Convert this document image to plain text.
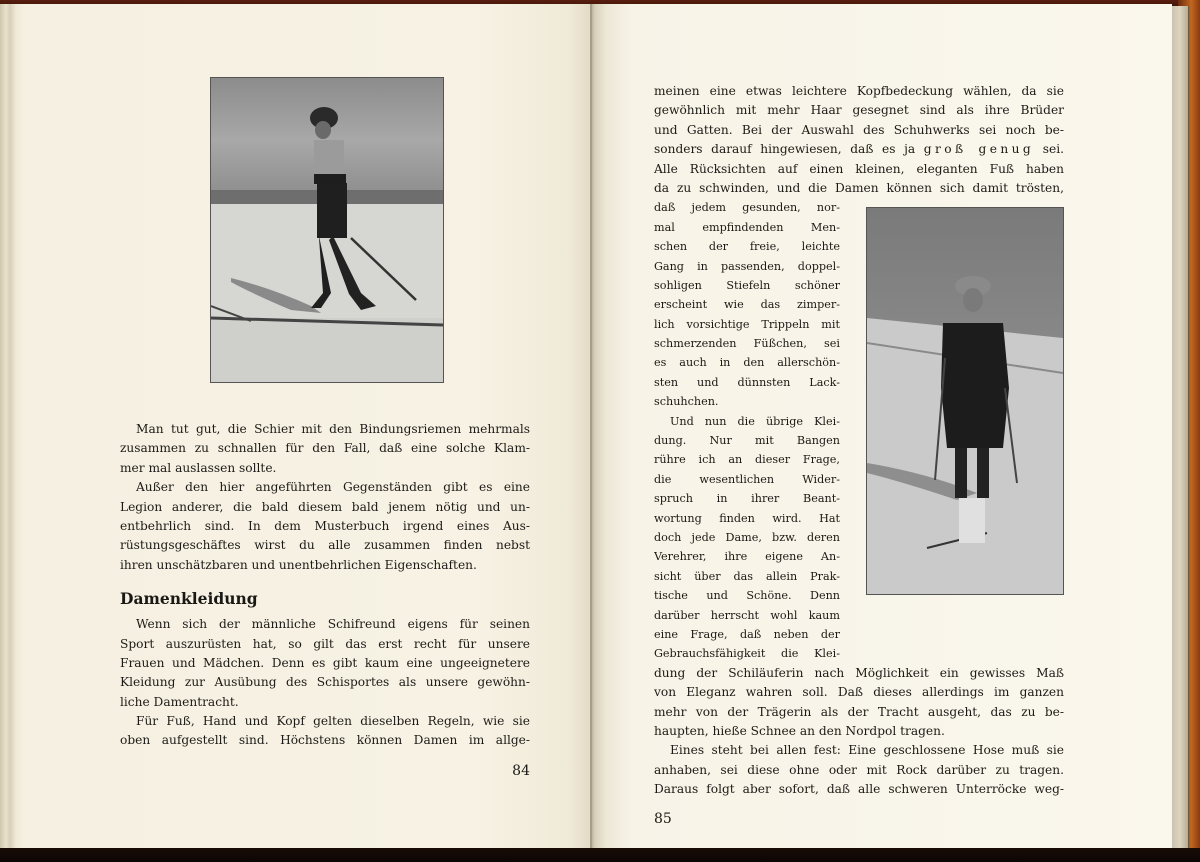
Man tut gut, die Schier mit den Bindungsriemen mehrmals
zusammen zu schnallen für den Fall, daß eine solche Klam-
mer mal auslassen sollte.
Außer den hier angeführten Gegenständen gibt es eine
Legion anderer, die bald diesem bald jenem nötig und un-
entbehrlich sind. In dem Musterbuch irgend eines Aus-
rüstungsgeschäftes wirst du alle zusammen finden nebst
ihren unschätzbaren und unentbehrlichen Eigenschaften.
Damenkleidung
Wenn sich der männliche Schifreund eigens für seinen
Sport auszurüsten hat, so gilt das erst recht für unsere
Frauen und Mädchen. Denn es gibt kaum eine ungeeignetere
Kleidung zur Ausübung des Schisportes als unsere gewöhn-
liche Damentracht.
Für Fuß, Hand und Kopf gelten dieselben Regeln, wie sie
oben aufgestellt sind. Höchstens können Damen im allge-
84
meinen eine etwas leichtere Kopfbedeckung wählen, da sie
gewöhnlich mit mehr Haar gesegnet sind als ihre Brüder
und Gatten. Bei der Auswahl des Schuhwerks sei noch be-
sonders darauf hingewiesen, daß es ja groß genug sei.
Alle Rücksichten auf einen kleinen, eleganten Fuß haben
da zu schwinden, und die Damen können sich damit trösten,
daß jedem gesunden, nor-
mal empfindenden Men-
schen der freie, leichte
Gang in passenden, doppel-
sohligen Stiefeln schöner
erscheint wie das zimper-
lich vorsichtige Trippeln mit
schmerzenden Füßchen, sei
es auch in den allerschön-
sten und dünnsten Lack-
schuhchen.
Und nun die übrige Klei-
dung. Nur mit Bangen
rühre ich an dieser Frage,
die wesentlichen Wider-
spruch in ihrer Beant-
wortung finden wird. Hat
doch jede Dame, bzw. deren
Verehrer, ihre eigene An-
sicht über das allein Prak-
tische und Schöne. Denn
darüber herrscht wohl kaum
eine Frage, daß neben der
Gebrauchsfähigkeit die Klei-
dung der Schiläuferin nach Möglichkeit ein gewisses Maß
von Eleganz wahren soll. Daß dieses allerdings im ganzen
mehr von der Trägerin als der Tracht ausgeht, das zu be-
haupten, hieße Schnee an den Nordpol tragen.
Eines steht bei allen fest: Eine geschlossene Hose muß sie
anhaben, sei diese ohne oder mit Rock darüber zu tragen.
Daraus folgt aber sofort, daß alle schweren Unterröcke weg-
85
